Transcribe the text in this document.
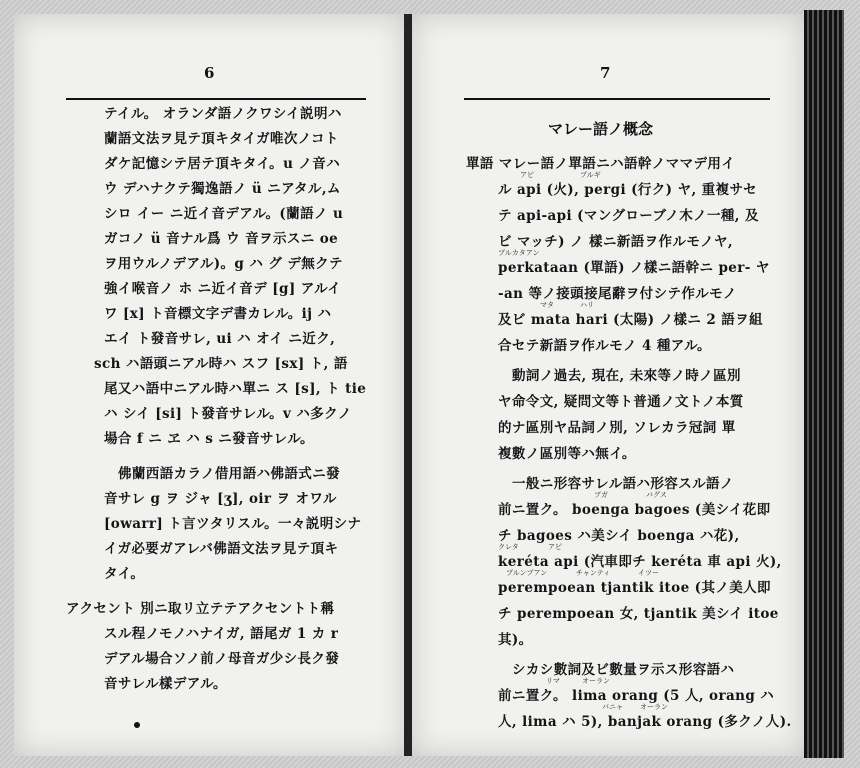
6
テイル。 オランダ語ノクワシイ説明ハ
蘭語文法ヲ見テ頂キタイガ唯次ノコト
ダケ記憶シテ居テ頂キタイ。u ノ音ハ
ウ デハナクテ獨逸語ノ ü ニアタル,ム
シロ イー ニ近イ音デアル。(蘭語ノ u
ガコノ ü 音ナル爲 ウ 音ヲ示スニ oe
ヲ用ウルノデアル)。g ハ グ デ無クテ
強イ喉音ノ ホ ニ近イ音デ [g] アルイ
ワ [x] ト音標文字デ書カレル。ij ハ
エイ ト發音サレ, ui ハ オイ ニ近ク,
sch ハ語頭ニアル時ハ スフ [sx] ト, 語
尾又ハ語中ニアル時ハ單ニ ス [s], ト tie
ハ シイ [si] ト發音サレル。v ハ多クノ
場合 f ニ ヱ ハ s ニ發音サレル。
佛蘭西語カラノ借用語ハ佛語式ニ發
音サレ g ヲ ジャ [ʒ], oir ヲ オワル
[owarr] ト言ツタリスル。一々説明シナ
イガ必要ガアレバ佛語文法ヲ見テ頂キ
タイ。
アクセント 別ニ取リ立テテアクセントト稱
スル程ノモノハナイガ, 語尾ガ 1 カ r
デアル場合ソノ前ノ母音ガ少シ長ク發
音サレル樣デアル。
7
マレー語ノ概念
單語 マレー語ノ單語ニハ語幹ノママデ用イ
アピ	プルギ
ル api (火), pergi (行ク) ヤ, 重複サセ
テ api-api (マングローブノ木ノ一種, 及
ビ マッチ) ノ 樣ニ新語ヲ作ルモノヤ,
プルカタアン
perkataan (單語) ノ樣ニ語幹ニ per- ヤ
-an 等ノ接頭接尾辭ヲ付シテ作ルモノ
マタ	ハリ
及ビ mata hari (太陽) ノ樣ニ 2 語ヲ組
合セテ新語ヲ作ルモノ 4 種アル。
動詞ノ過去, 現在, 未來等ノ時ノ區別
ヤ命令文, 疑問文等ト普通ノ文トノ本質
的ナ區別ヤ品詞ノ別, ソレカラ冠詞 單
複數ノ區別等ハ無イ。
一般ニ形容サレル語ハ形容スル語ノ
ブガ	バグス
前ニ置ク。 boenga bagoes (美シイ花即
チ bagoes ハ美シイ boenga ハ花),
クレタ	アピ
keréta api (汽車即チ keréta 車 api 火),
プルンプアン	チャンティ	イツー
perempoean tjantik itoe (其ノ美人即
チ perempoean 女, tjantik 美シイ itoe
其)。
シカシ數詞及ビ數量ヲ示ス形容語ハ
リマ	オーラン
前ニ置ク。 lima orang (5 人, orang ハ
バニャ オーラン
人, lima ハ 5), banjak orang (多クノ人).
